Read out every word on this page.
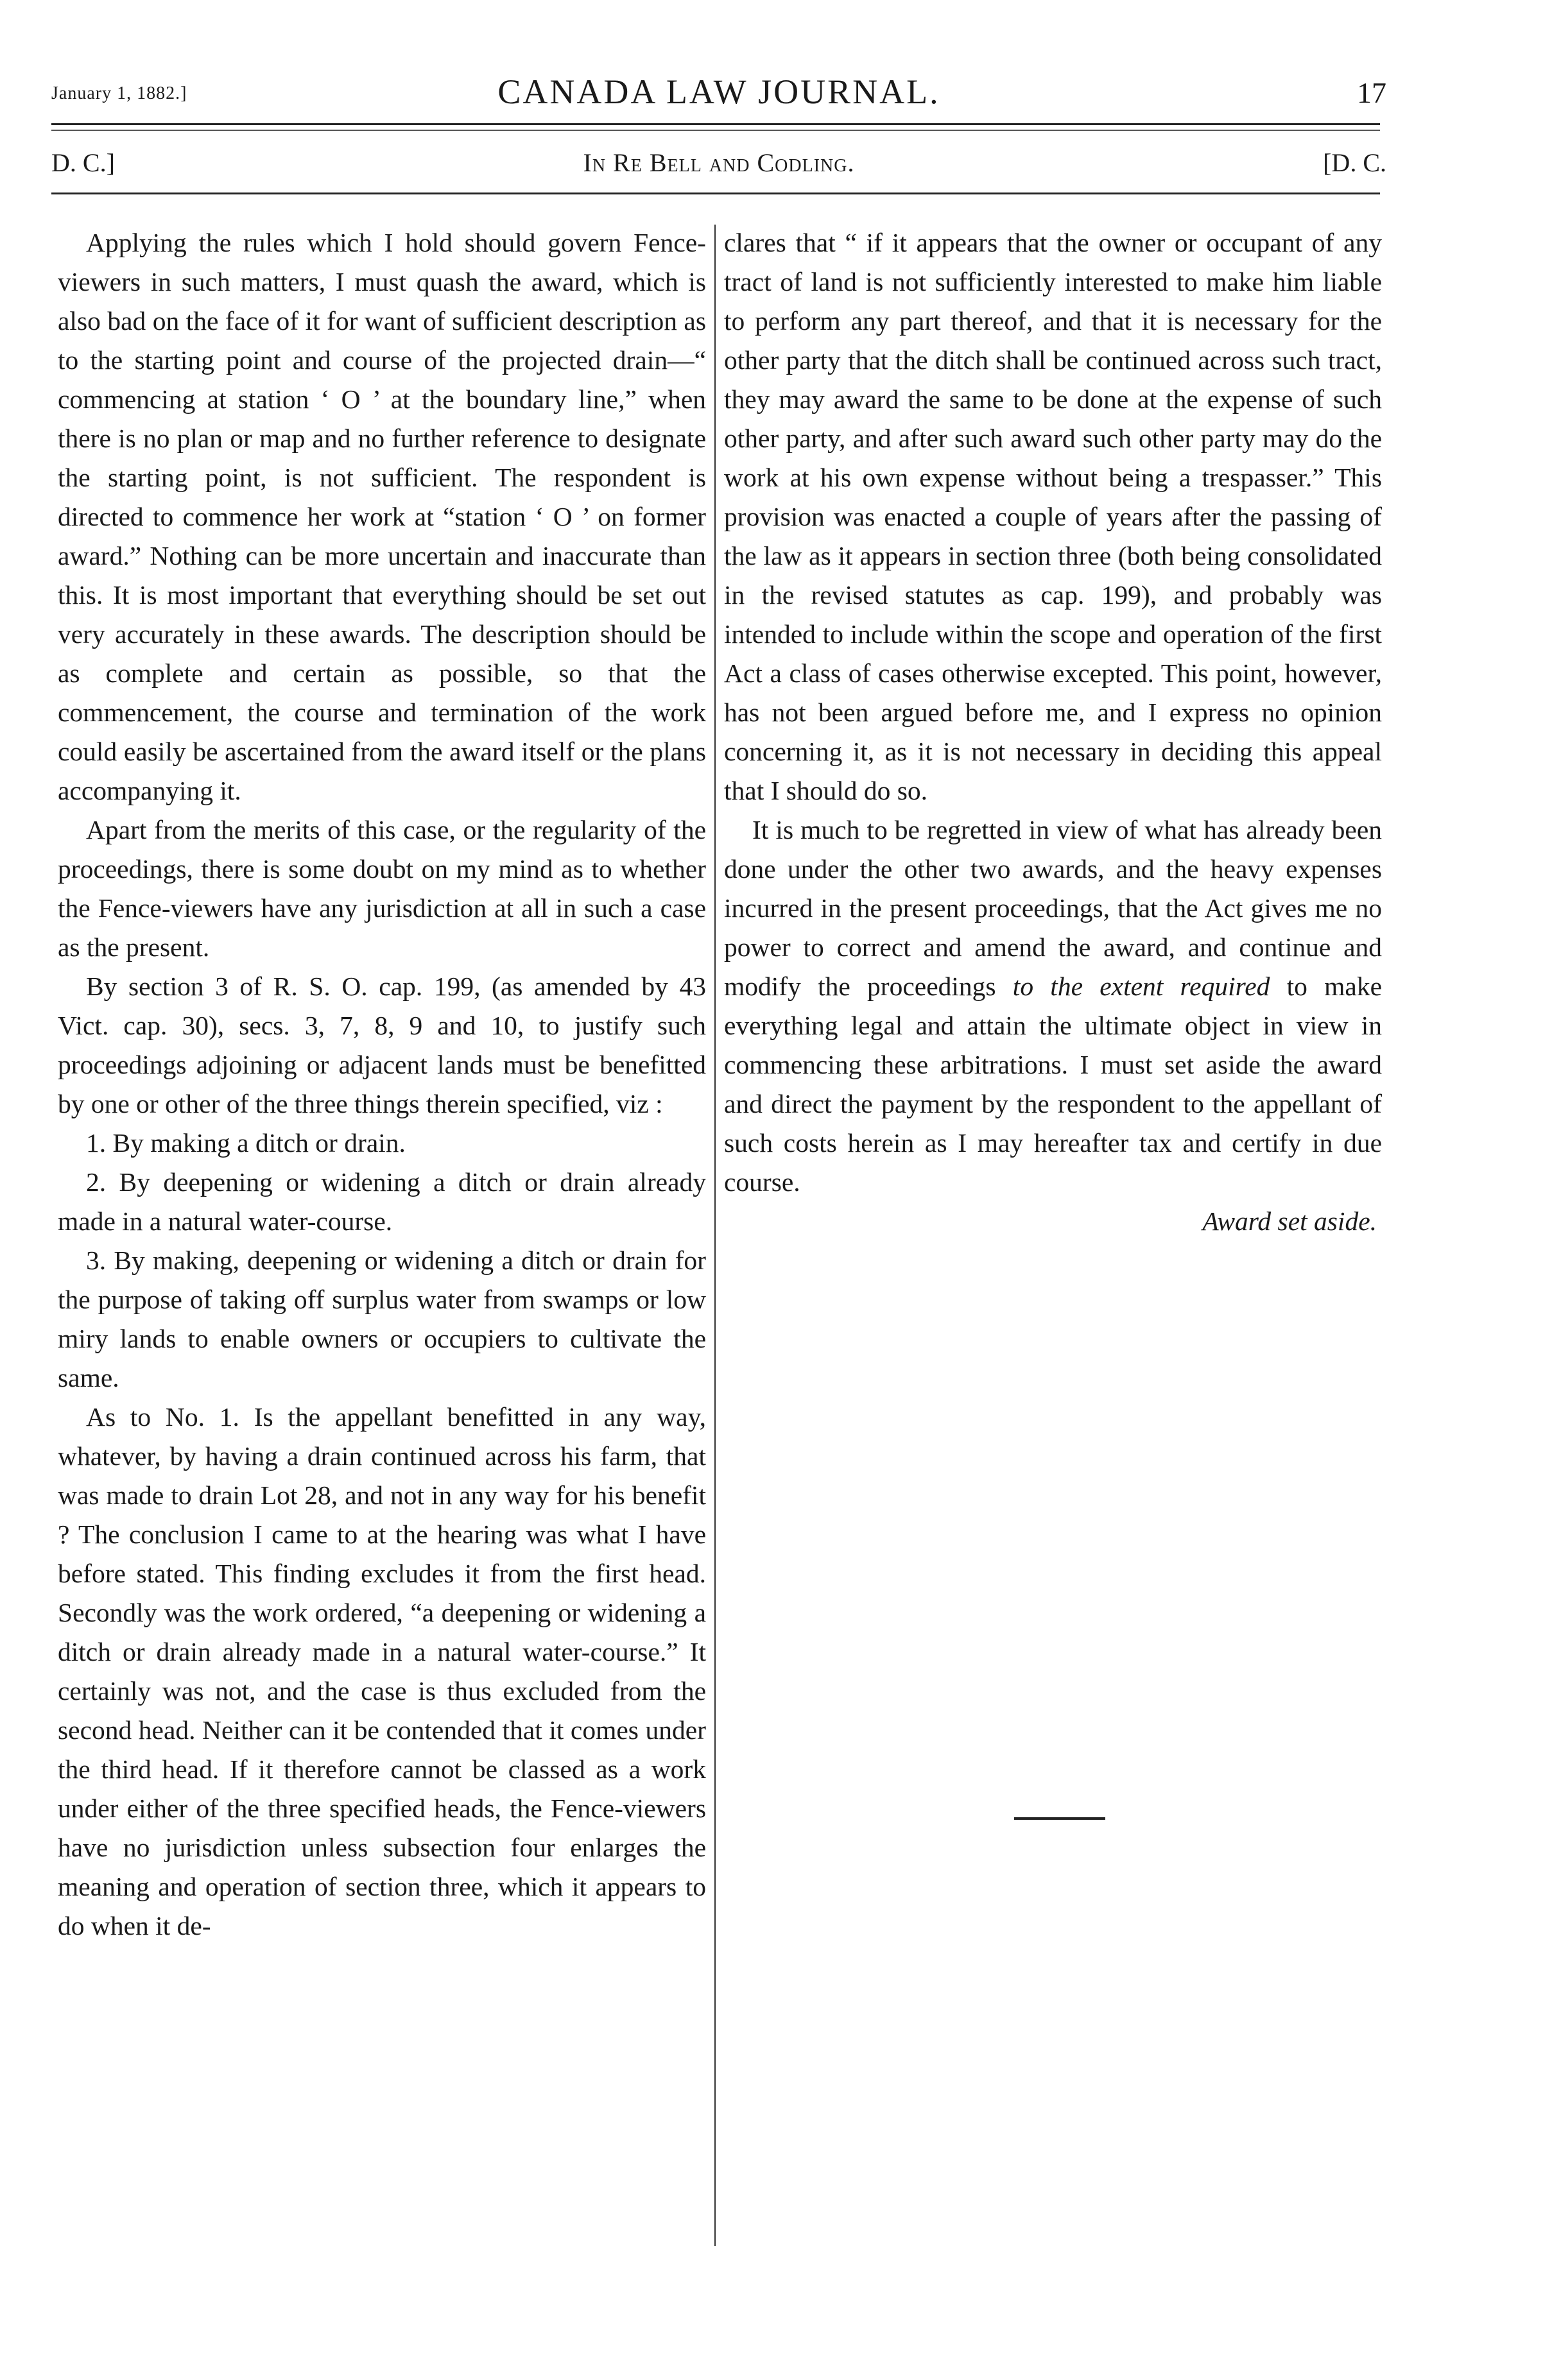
January 1, 1882.]	CANADA LAW JOURNAL.	17
D. C.]	In Re Bell and Codling.	[D. C.

Applying the rules which I hold should govern Fence-viewers in such matters, I must quash the award, which is also bad on the face of it for want of sufficient description as to the starting point and course of the projected drain—“ commencing at station ‘ O ’ at the boundary line,” when there is no plan or map and no further reference to designate the starting point, is not sufficient. The respondent is directed to commence her work at “station ‘ O ’ on former award.” Nothing can be more uncertain and inaccurate than this. It is most important that everything should be set out very accurately in these awards. The description should be as complete and certain as possible, so that the commencement, the course and termination of the work could easily be ascertained from the award itself or the plans accompanying it.

Apart from the merits of this case, or the regularity of the proceedings, there is some doubt on my mind as to whether the Fence-viewers have any jurisdiction at all in such a case as the present.

By section 3 of R. S. O. cap. 199, (as amended by 43 Vict. cap. 30), secs. 3, 7, 8, 9 and 10, to justify such proceedings adjoining or adjacent lands must be benefitted by one or other of the three things therein specified, viz :

1. By making a ditch or drain.

2. By deepening or widening a ditch or drain already made in a natural water-course.

3. By making, deepening or widening a ditch or drain for the purpose of taking off surplus water from swamps or low miry lands to enable owners or occupiers to cultivate the same.

As to No. 1. Is the appellant benefitted in any way, whatever, by having a drain continued across his farm, that was made to drain Lot 28, and not in any way for his benefit ? The conclusion I came to at the hearing was what I have before stated. This finding excludes it from the first head. Secondly was the work ordered, “a deepening or widening a ditch or drain already made in a natural water-course.” It certainly was not, and the case is thus excluded from the second head. Neither can it be contended that it comes under the third head. If it therefore cannot be classed as a work under either of the three specified heads, the Fence-viewers have no jurisdiction unless subsection four enlarges the meaning and operation of section three, which it appears to do when it de-

clares that “ if it appears that the owner or occupant of any tract of land is not sufficiently interested to make him liable to perform any part thereof, and that it is necessary for the other party that the ditch shall be continued across such tract, they may award the same to be done at the expense of such other party, and after such award such other party may do the work at his own expense without being a trespasser.” This provision was enacted a couple of years after the passing of the law as it appears in section three (both being consolidated in the revised statutes as cap. 199), and probably was intended to include within the scope and operation of the first Act a class of cases otherwise excepted. This point, however, has not been argued before me, and I express no opinion concerning it, as it is not necessary in deciding this appeal that I should do so.

It is much to be regretted in view of what has already been done under the other two awards, and the heavy expenses incurred in the present proceedings, that the Act gives me no power to correct and amend the award, and continue and modify the proceedings to the extent required to make everything legal and attain the ultimate object in view in commencing these arbitrations. I must set aside the award and direct the payment by the respondent to the appellant of such costs herein as I may hereafter tax and certify in due course.

Award set aside.
